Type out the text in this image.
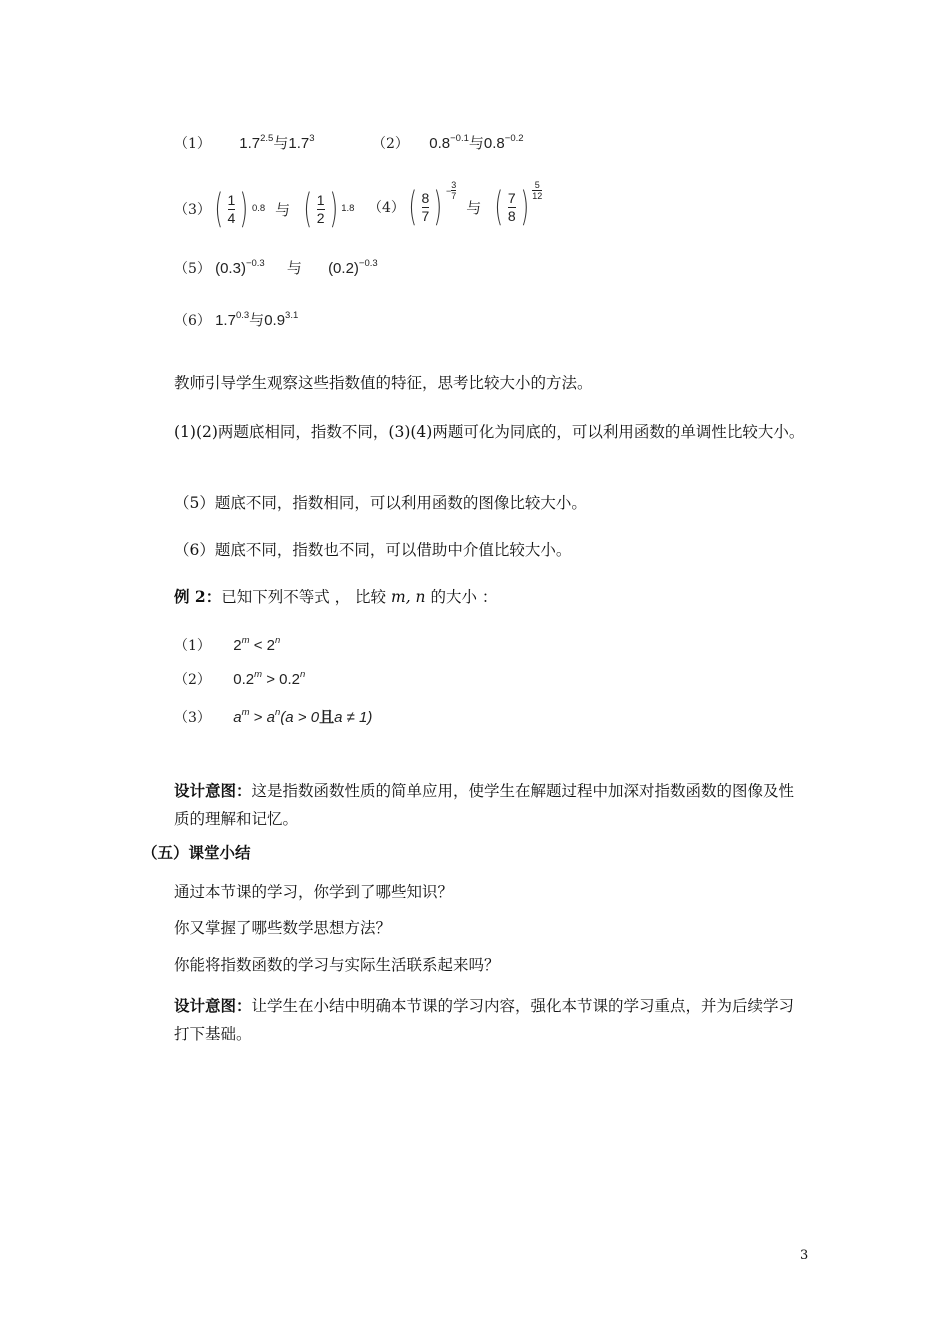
（1） $1.7^{2.5}$与$1.7^3$	（2） $0.8^{-0.1}$与$0.8^{-0.2}$
（3） ( $\frac{1}{4}$ ) 0.8 与 ( $\frac{1}{2}$ ) 1.8 （4） ( $\frac{8}{7}$ ) −
3
7
与 ( $\frac{7}{8}$ ) $\frac{5}{12}$
（5） $(0.3)^{-0.3}$ 与 $(0.2)^{-0.3}$
（6） $1.7^{0.3}$与$0.9^{3.1}$
教师引导学生观察这些指数值的特征，思考比较大小的方法。
(1)(2)两题底相同，指数不同，(3)(4)两题可化为同底的，可以利用函数的单调性比较大小。
（5）题底不同，指数相同，可以利用函数的图像比较大小。
（6）题底不同，指数也不同，可以借助中介值比较大小。
例 2：已知下列不等式 ， 比较 m, n 的大小 ：
（1） $2^m < 2^n$
（2） $0.2^m > 0.2^n$
（3） $a^m > a^n(a > 0$且a ≠ 1)
设计意图：这是指数函数性质的简单应用，使学生在解题过程中加深对指数函数的图像及性质的理解和记忆。
（五）课堂小结
通过本节课的学习，你学到了哪些知识？
你又掌握了哪些数学思想方法？
你能将指数函数的学习与实际生活联系起来吗？
设计意图：让学生在小结中明确本节课的学习内容，强化本节课的学习重点，并为后续学习打下基础。
3
